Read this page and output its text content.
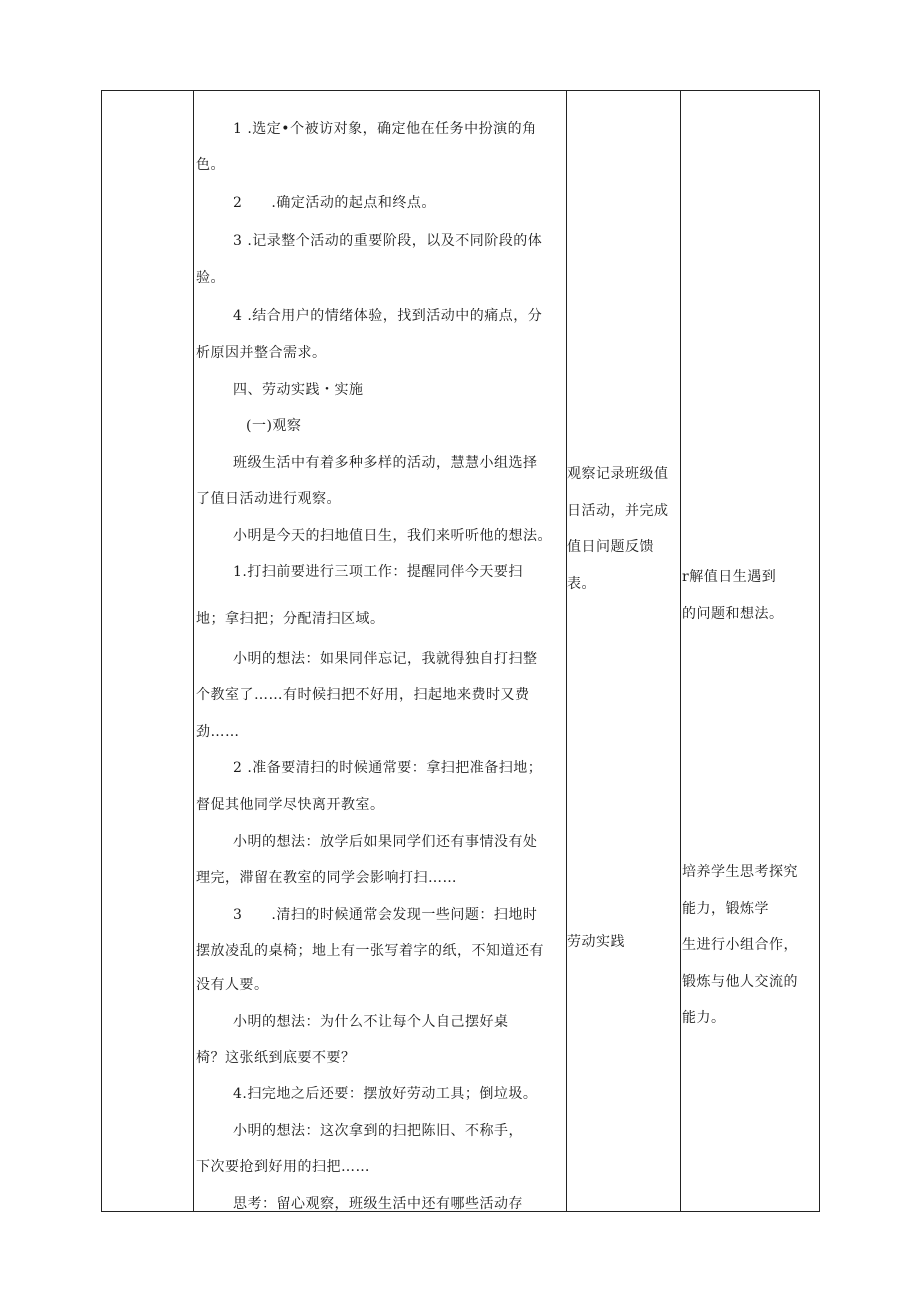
1 .选定•个被访对象，确定他在任务中扮演的角
色。
2　　.确定活动的起点和终点。
3 .记录整个活动的重要阶段，以及不同阶段的体
验。
4 .结合用户的情绪体验，找到活动中的痛点，分
析原因并整合需求。
四、劳动实践・实施
(一)观察
班级生活中有着多种多样的活动，慧慧小组选择
了值日活动进行观察。
小明是今天的扫地值日生，我们来听听他的想法。
1.打扫前要进行三项工作：提醒同伴今天要扫
地；拿扫把；分配清扫区域。
小明的想法：如果同伴忘记，我就得独自打扫整
个教室了……有时候扫把不好用，扫起地来费时又费
劲……
2 .准备要清扫的时候通常要：拿扫把准备扫地；
督促其他同学尽快离开教室。
小明的想法：放学后如果同学们还有事情没有处
理完，滞留在教室的同学会影响打扫……
3　　.清扫的时候通常会发现一些问题：扫地时
摆放凌乱的桌椅；地上有一张写着字的纸，不知道还有
没有人要。
小明的想法：为什么不让每个人自己摆好桌
椅？这张纸到底要不要？
4.扫完地之后还要：摆放好劳动工具；倒垃圾。
小明的想法：这次拿到的扫把陈旧、不称手，
下次要抢到好用的扫把……
思考：留心观察，班级生活中还有哪些活动存
观察记录班级值
日活动，并完成
值日问题反馈
表。
劳动实践
r解值日生遇到
的问题和想法。
培养学生思考探究
能力，锻炼学
生进行小组合作，
锻炼与他人交流的
能力。
